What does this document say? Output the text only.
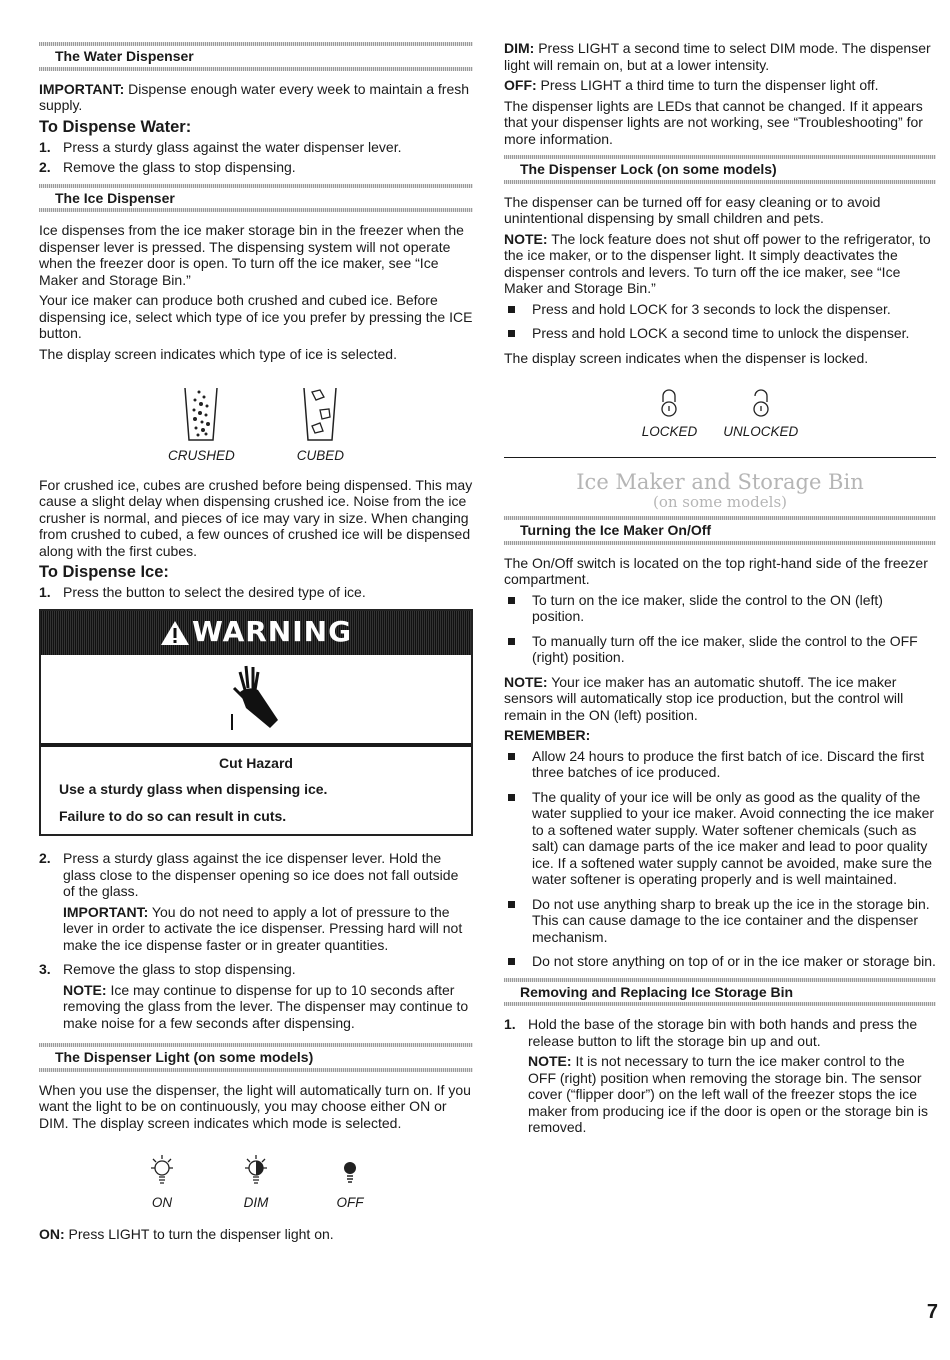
The Water Dispenser

IMPORTANT: Dispense enough water every week to maintain a fresh supply.

To Dispense Water:
1. Press a sturdy glass against the water dispenser lever.
2. Remove the glass to stop dispensing.
The Ice Dispenser

Ice dispenses from the ice maker storage bin in the freezer when the dispenser lever is pressed. The dispensing system will not operate when the freezer door is open. To turn off the ice maker, see “Ice Maker and Storage Bin.”

Your ice maker can produce both crushed and cubed ice. Before dispensing ice, select which type of ice you prefer by pressing the ICE button.

The display screen indicates which type of ice is selected.

CRUSHED	CUBED

For crushed ice, cubes are crushed before being dispensed. This may cause a slight delay when dispensing crushed ice. Noise from the ice crusher is normal, and pieces of ice may vary in size. When changing from crushed to cubed, a few ounces of crushed ice will be dispensed along with the first cubes.

To Dispense Ice:
1. Press the button to select the desired type of ice.
WARNING
Cut Hazard

Use a sturdy glass when dispensing ice.

Failure to do so can result in cuts.

2. Press a sturdy glass against the ice dispenser lever. Hold the glass close to the dispenser opening so ice does not fall outside of the glass.

IMPORTANT: You do not need to apply a lot of pressure to the lever in order to activate the ice dispenser. Pressing hard will not make the ice dispense faster or in greater quantities.

3. Remove the glass to stop dispensing.

NOTE: Ice may continue to dispense for up to 10 seconds after removing the glass from the lever. The dispenser may continue to make noise for a few seconds after dispensing.

The Dispenser Light (on some models)

When you use the dispenser, the light will automatically turn on. If you want the light to be on continuously, you may choose either ON or DIM. The display screen indicates which mode is selected.

ON	DIM	OFF

ON: Press LIGHT to turn the dispenser light on.

DIM: Press LIGHT a second time to select DIM mode. The dispenser light will remain on, but at a lower intensity.

OFF: Press LIGHT a third time to turn the dispenser light off.

The dispenser lights are LEDs that cannot be changed. If it appears that your dispenser lights are not working, see “Troubleshooting” for more information.

The Dispenser Lock (on some models)

The dispenser can be turned off for easy cleaning or to avoid unintentional dispensing by small children and pets.

NOTE: The lock feature does not shut off power to the refrigerator, to the ice maker, or to the dispenser light. It simply deactivates the dispenser controls and levers. To turn off the ice maker, see “Ice Maker and Storage Bin.”

Press and hold LOCK for 3 seconds to lock the dispenser.
Press and hold LOCK a second time to unlock the dispenser.

The display screen indicates when the dispenser is locked.

LOCKED UNLOCKED
Ice Maker and Storage Bin
(on some models)
Turning the Ice Maker On/Off

The On/Off switch is located on the top right-hand side of the freezer compartment.

To turn on the ice maker, slide the control to the ON (left) position.
To manually turn off the ice maker, slide the control to the OFF (right) position.

NOTE: Your ice maker has an automatic shutoff. The ice maker sensors will automatically stop ice production, but the control will remain in the ON (left) position.

REMEMBER:
Allow 24 hours to produce the first batch of ice. Discard the first three batches of ice produced.
The quality of your ice will be only as good as the quality of the water supplied to your ice maker. Avoid connecting the ice maker to a softened water supply. Water softener chemicals (such as salt) can damage parts of the ice maker and lead to poor quality ice. If a softened water supply cannot be avoided, make sure the water softener is operating properly and is well maintained.
Do not use anything sharp to break up the ice in the storage bin. This can cause damage to the ice container and the dispenser mechanism.
Do not store anything on top of or in the ice maker or storage bin.
Removing and Replacing Ice Storage Bin
1. Hold the base of the storage bin with both hands and press the release button to lift the storage bin up and out.

NOTE: It is not necessary to turn the ice maker control to the OFF (right) position when removing the storage bin. The sensor cover (“flipper door”) on the left wall of the freezer stops the ice maker from producing ice if the door is open or the storage bin is removed.

7
